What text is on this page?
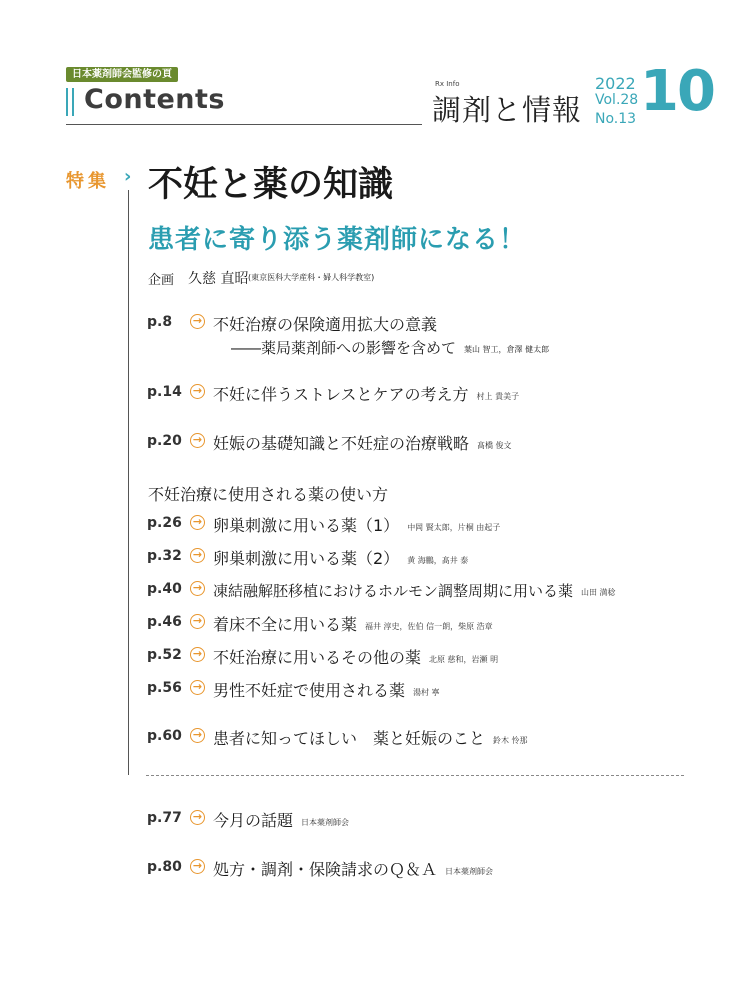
日本薬剤師会監修の頁
Contents	Rx Info
調剤と情報
2022
Vol.28
No.13 10
特集 › 不妊と薬の知識
患者に寄り添う薬剤師になる！
企画 久慈 直昭 (東京医科大学産科・婦人科学教室)
p.8 → 不妊治療の保険適用拡大の意義
――薬局薬剤師への影響を含めて 葉山 智工，倉澤 健太郎
p.14 → 不妊に伴うストレスとケアの考え方 村上 貴美子
p.20 → 妊娠の基礎知識と不妊症の治療戦略 髙橋 俊文
不妊治療に使用される薬の使い方
p.26 → 卵巣刺激に用いる薬（1） 中岡 賢太郎，片桐 由起子
p.32 → 卵巣刺激に用いる薬（2） 黄 海鵬，髙井 泰
p.40 → 凍結融解胚移植におけるホルモン調整周期に用いる薬 山田 満稔
p.46 → 着床不全に用いる薬 福井 淳史，佐伯 信一朗，柴原 浩章
p.52 → 不妊治療に用いるその他の薬 北原 慈和，岩瀬 明
p.56 → 男性不妊症で使用される薬 湯村 寧
p.60 → 患者に知ってほしい　薬と妊娠のこと 鈴木 怜那
p.77 → 今月の話題 日本薬剤師会
p.80 → 処方・調剤・保険請求のＱ＆Ａ 日本薬剤師会
